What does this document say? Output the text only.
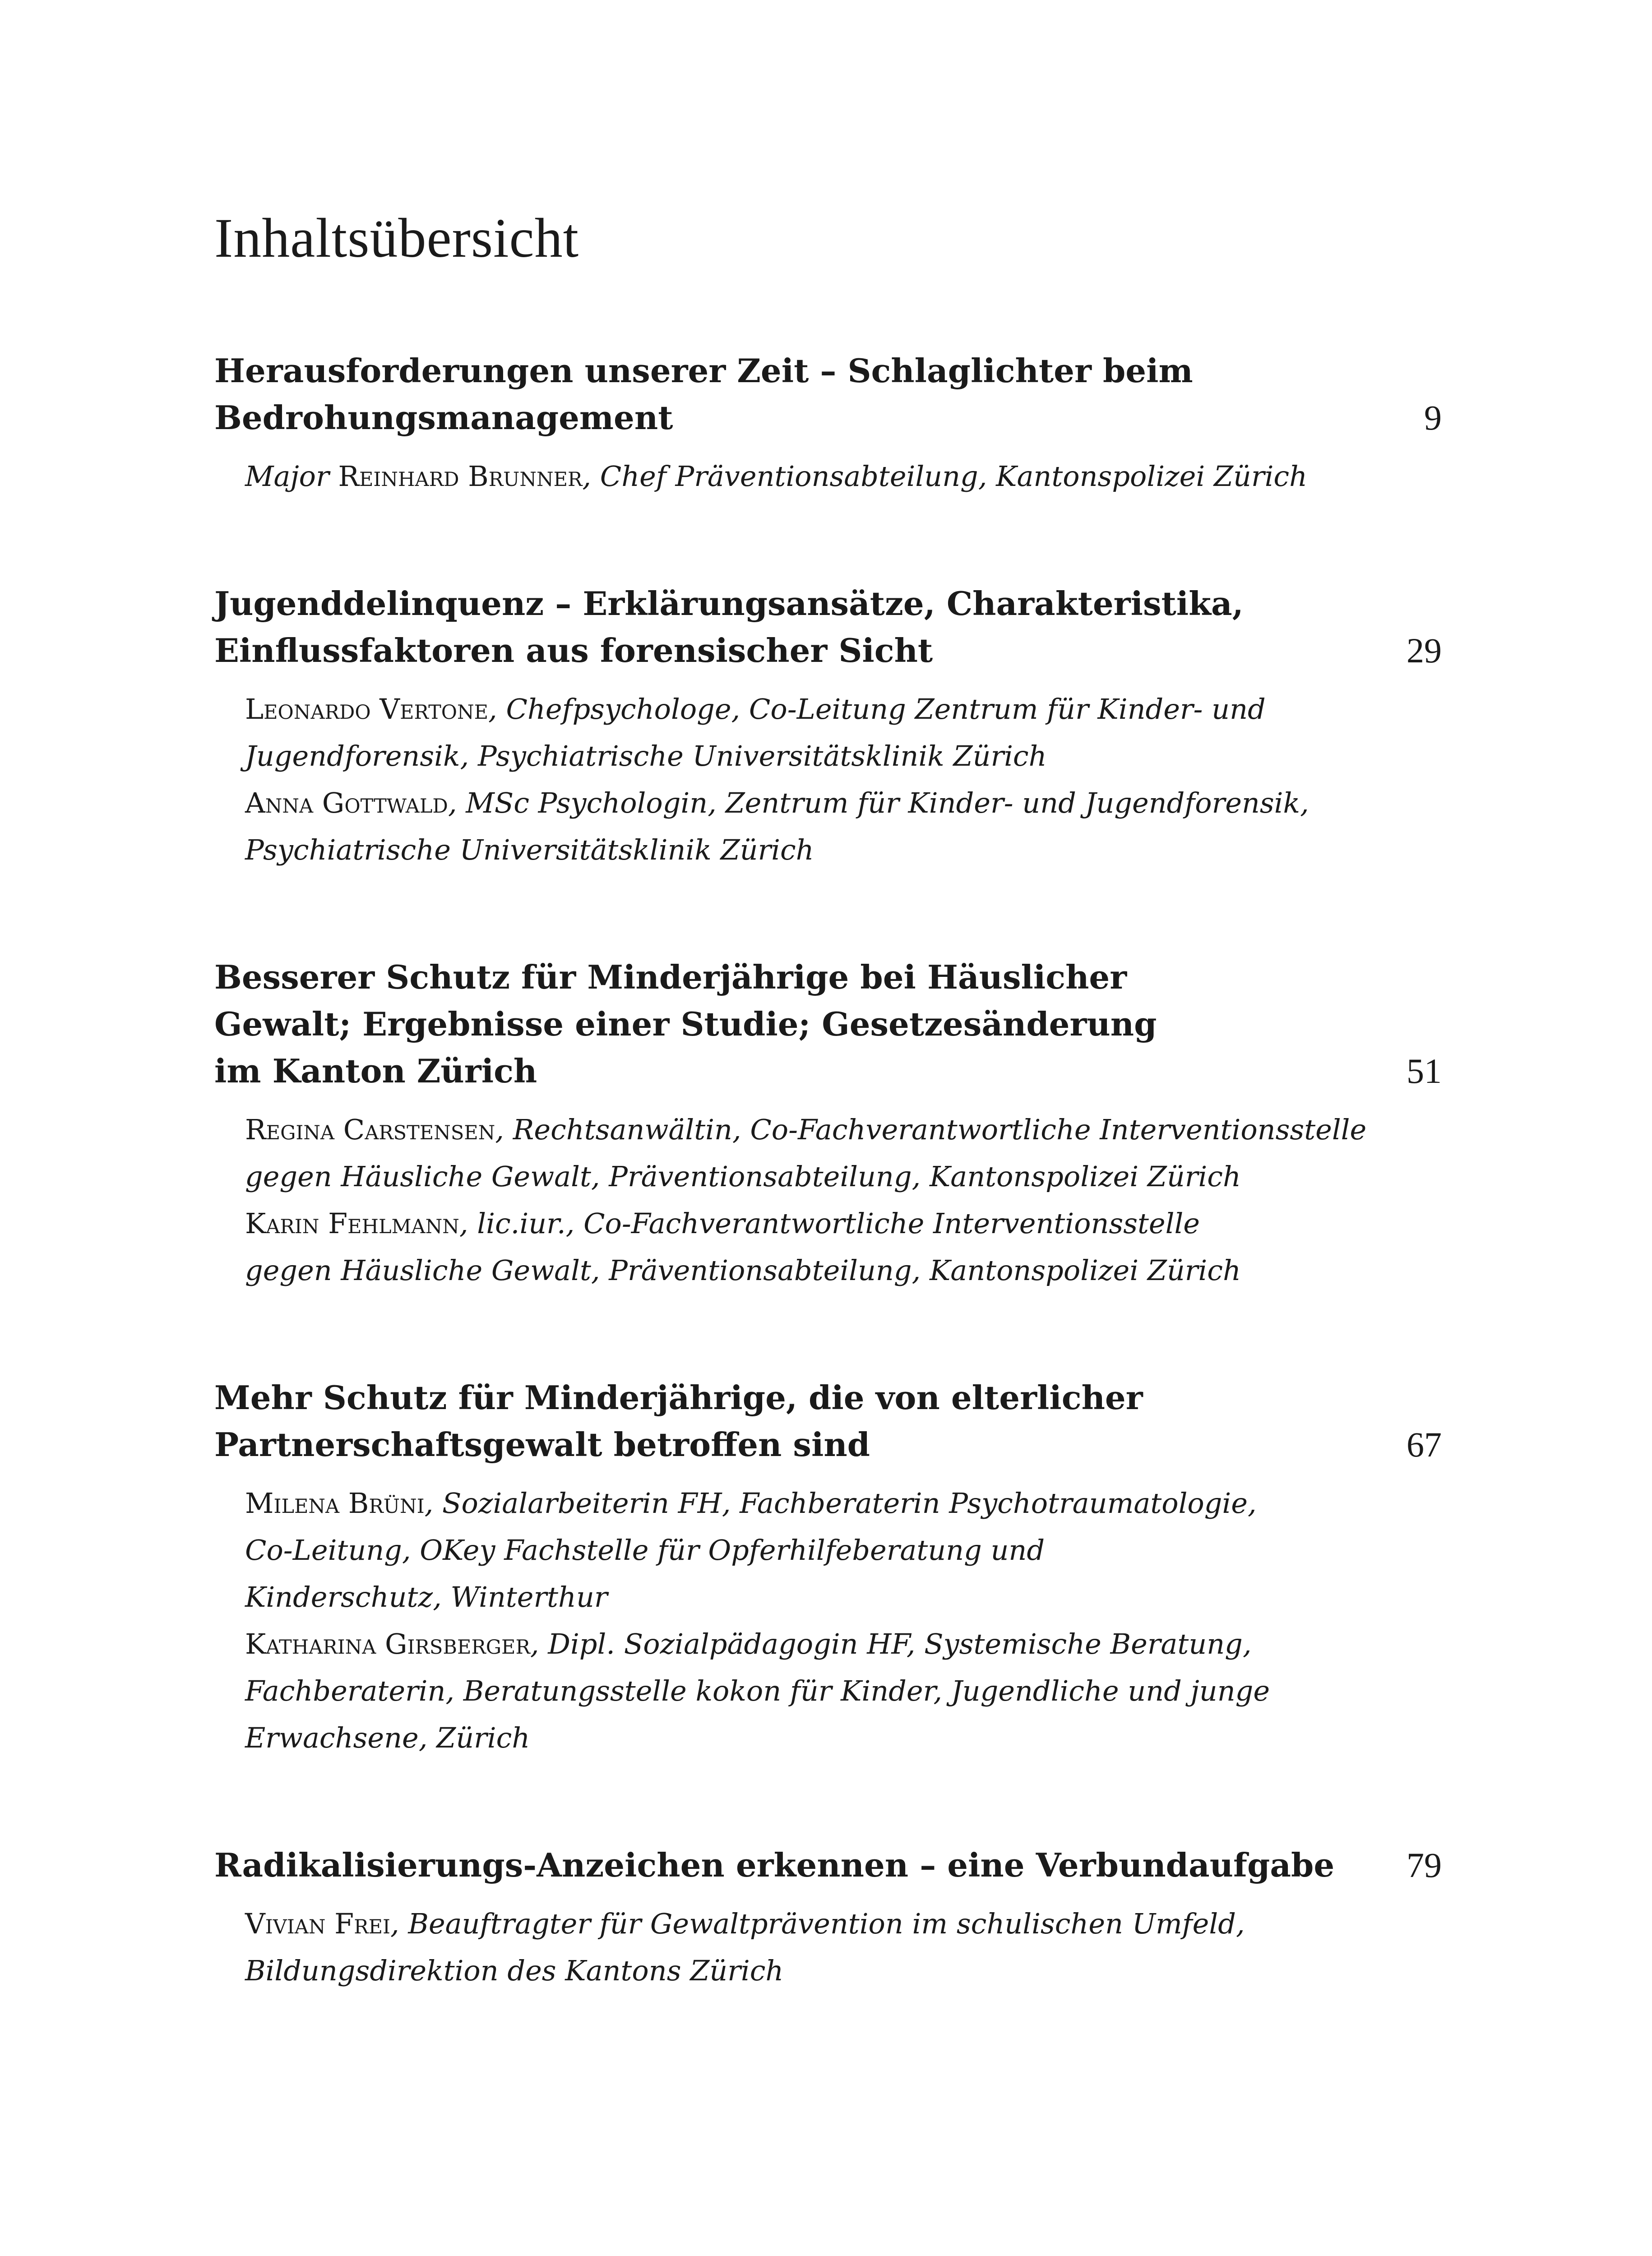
Inhaltsübersicht
Herausforderungen unserer Zeit – Schlaglichter beim
Bedrohungsmanagement	9
Major Reinhard Brunner, Chef Präventionsabteilung, Kantonspolizei Zürich
Jugenddelinquenz – Erklärungsansätze, Charakteristika,
Einflussfaktoren aus forensischer Sicht	29
Leonardo Vertone, Chefpsychologe, Co-Leitung Zentrum für Kinder- und
Jugendforensik, Psychiatrische Universitätsklinik Zürich
Anna Gottwald, MSc Psychologin, Zentrum für Kinder- und Jugendforensik,
Psychiatrische Universitätsklinik Zürich
Besserer Schutz für Minderjährige bei Häuslicher
Gewalt; Ergebnisse einer Studie; Gesetzesänderung
im Kanton Zürich	51
Regina Carstensen, Rechtsanwältin, Co-Fachverantwortliche Interventionsstelle
gegen Häusliche Gewalt, Präventionsabteilung, Kantonspolizei Zürich
Karin Fehlmann, lic.iur., Co-Fachverantwortliche Interventionsstelle
gegen Häusliche Gewalt, Präventionsabteilung, Kantonspolizei Zürich
Mehr Schutz für Minderjährige, die von elterlicher
Partnerschaftsgewalt betroffen sind	67
Milena Brüni, Sozialarbeiterin FH, Fachberaterin Psychotraumatologie,
Co-Leitung, OKey Fachstelle für Opferhilfeberatung und
Kinderschutz, Winterthur
Katharina Girsberger, Dipl. Sozialpädagogin HF, Systemische Beratung,
Fachberaterin, Beratungsstelle kokon für Kinder, Jugendliche und junge
Erwachsene, Zürich
Radikalisierungs-Anzeichen erkennen – eine Verbundaufgabe	79
Vivian Frei, Beauftragter für Gewaltprävention im schulischen Umfeld,
Bildungsdirektion des Kantons Zürich
